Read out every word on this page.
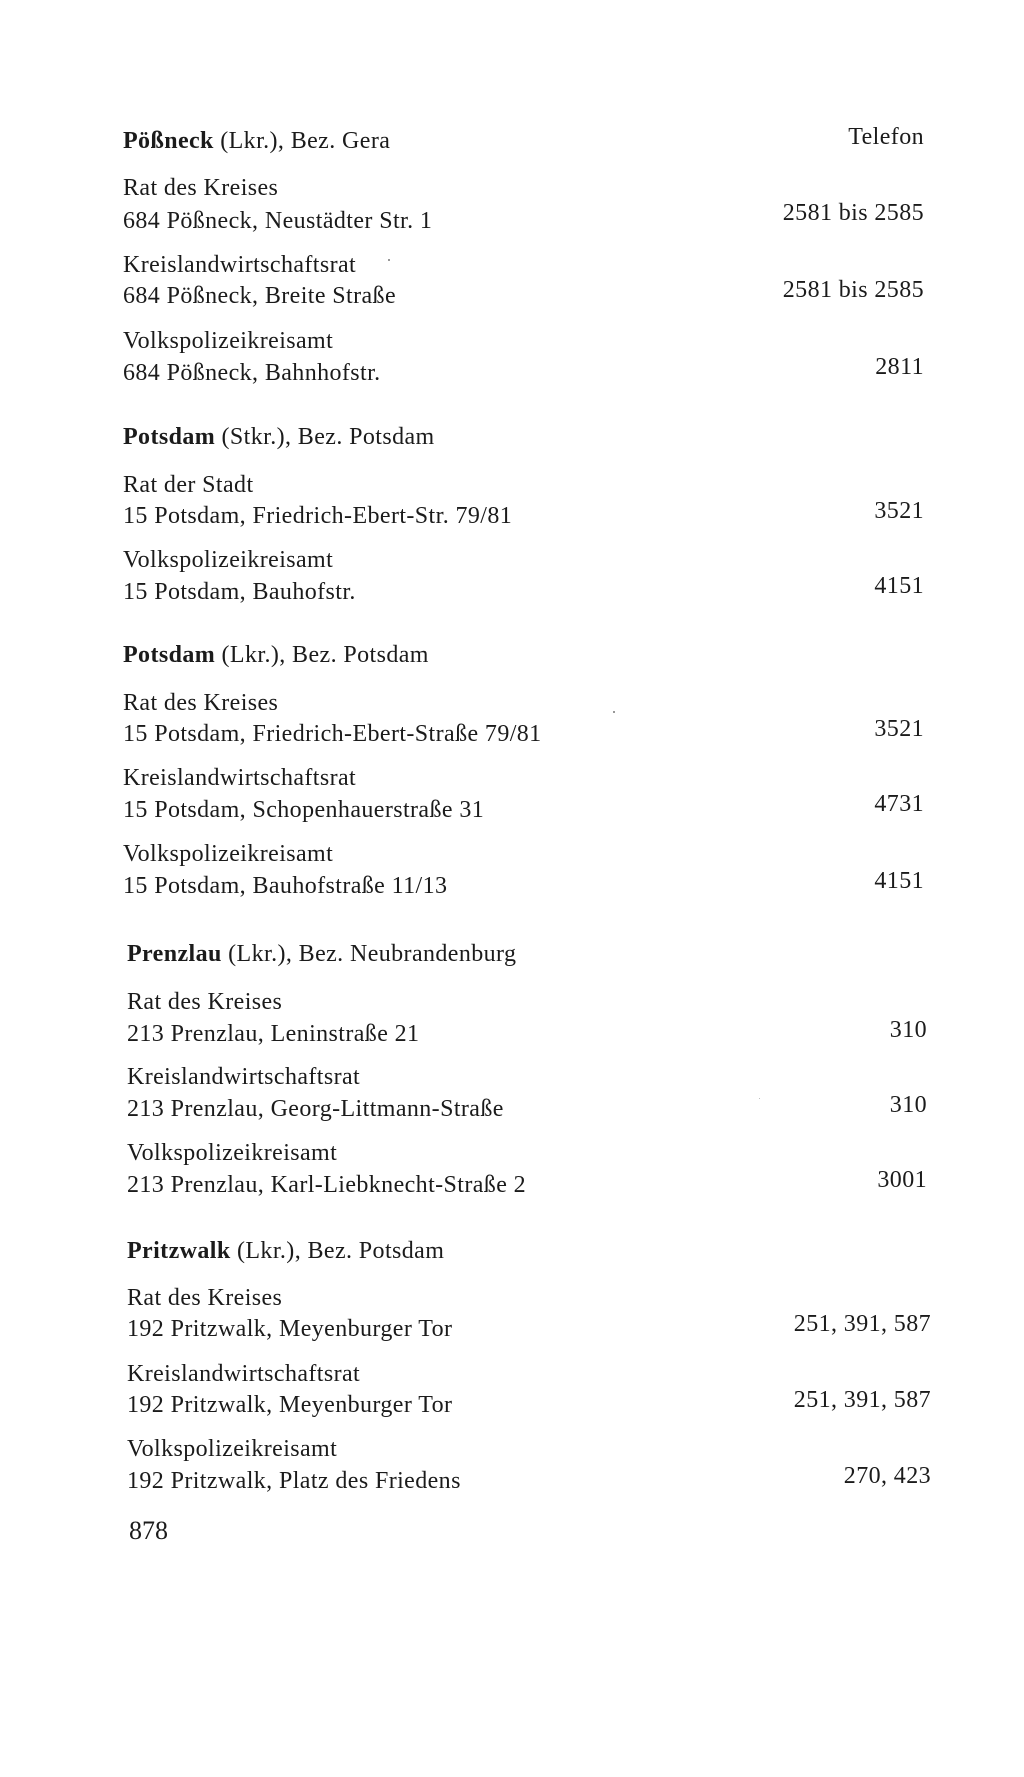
Pößneck (Lkr.), Bez. Gera	Telefon
Rat des Kreises
684 Pößneck, Neustädter Str. 1	2581 bis 2585
Kreislandwirtschaftsrat
684 Pößneck, Breite Straße	2581 bis 2585
Volkspolizeikreisamt
684 Pößneck, Bahnhofstr.	2811
Potsdam (Stkr.), Bez. Potsdam
Rat der Stadt
15 Potsdam, Friedrich-Ebert-Str. 79/81	3521
Volkspolizeikreisamt
15 Potsdam, Bauhofstr.	4151
Potsdam (Lkr.), Bez. Potsdam
Rat des Kreises
15 Potsdam, Friedrich-Ebert-Straße 79/81	3521
Kreislandwirtschaftsrat
15 Potsdam, Schopenhauerstraße 31	4731
Volkspolizeikreisamt
15 Potsdam, Bauhofstraße 11/13	4151
Prenzlau (Lkr.), Bez. Neubrandenburg
Rat des Kreises
213 Prenzlau, Leninstraße 21	310
Kreislandwirtschaftsrat
213 Prenzlau, Georg-Littmann-Straße	310
Volkspolizeikreisamt
213 Prenzlau, Karl-Liebknecht-Straße 2	3001
Pritzwalk (Lkr.), Bez. Potsdam
Rat des Kreises
192 Pritzwalk, Meyenburger Tor	251, 391, 587
Kreislandwirtschaftsrat
192 Pritzwalk, Meyenburger Tor	251, 391, 587
Volkspolizeikreisamt
192 Pritzwalk, Platz des Friedens	270, 423
878
